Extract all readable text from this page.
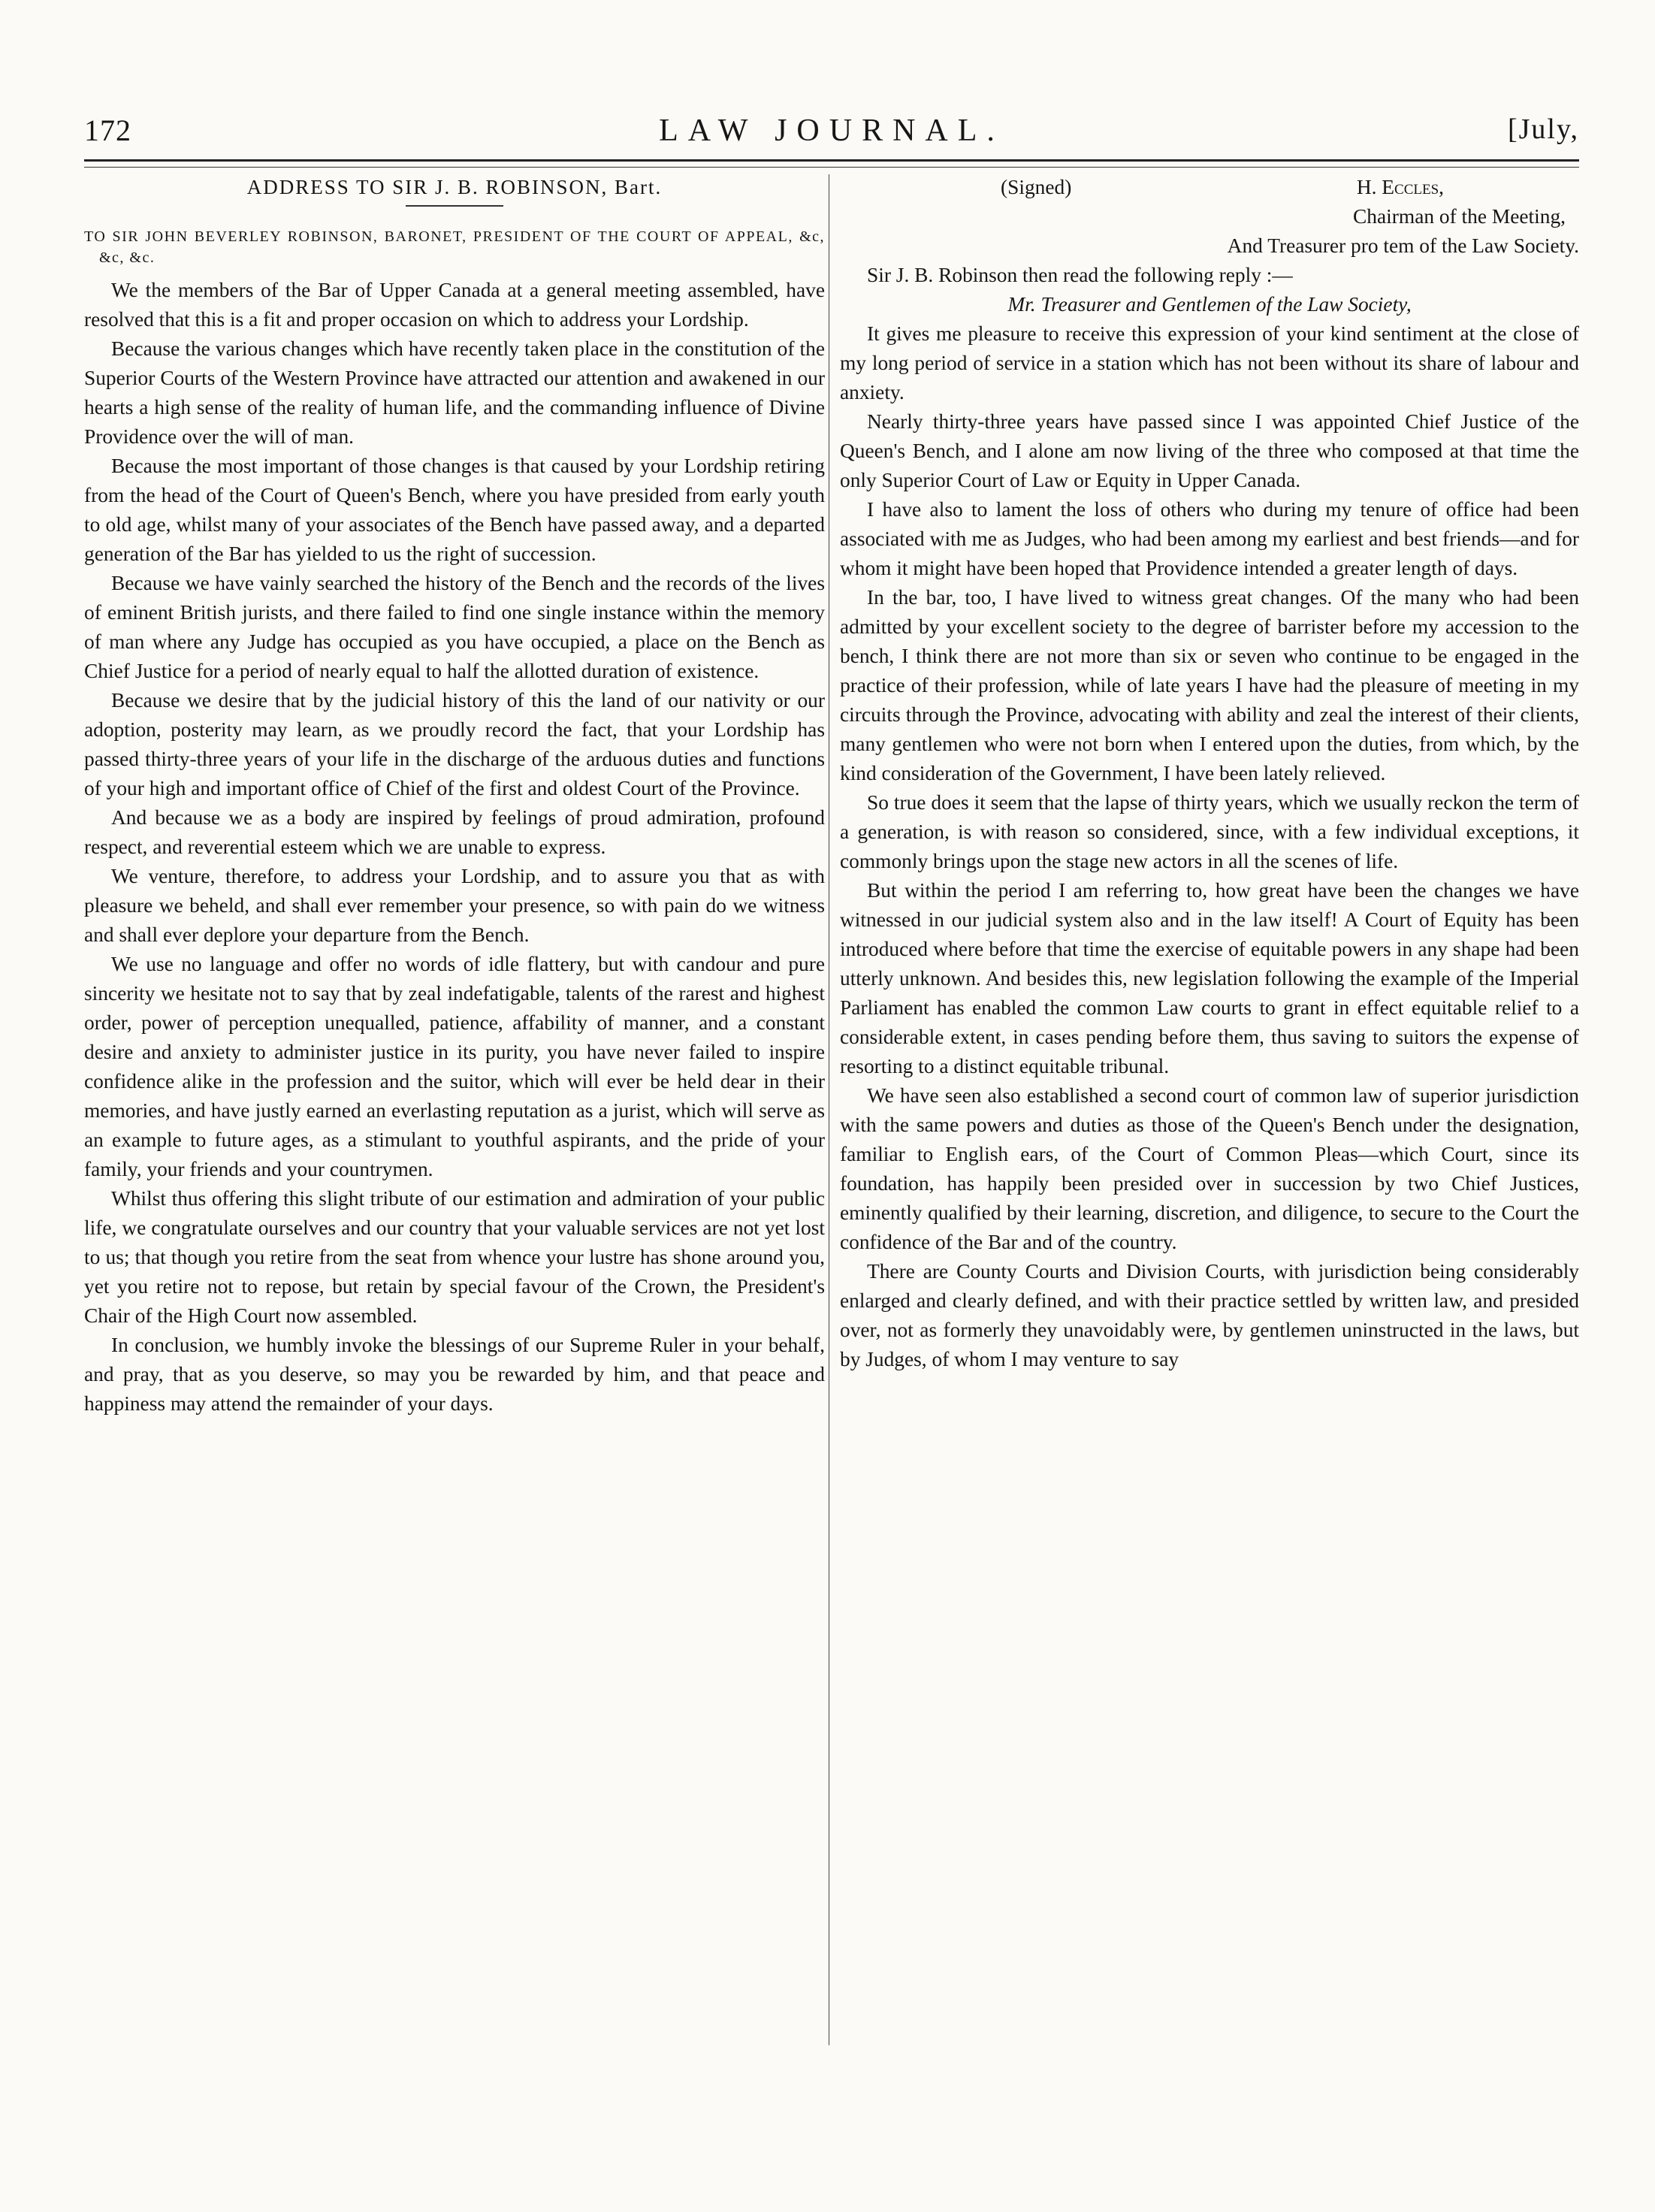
172	LAW JOURNAL.	[July,

ADDRESS TO SIR J. B. ROBINSON, Bart.

TO SIR JOHN BEVERLEY ROBINSON, BARONET, PRESIDENT OF THE COURT OF APPEAL, &c, &c, &c.

We the members of the Bar of Upper Canada at a general meeting assembled, have resolved that this is a fit and proper occasion on which to address your Lordship.

Because the various changes which have recently taken place in the constitution of the Superior Courts of the Western Province have attracted our attention and awakened in our hearts a high sense of the reality of human life, and the commanding influence of Divine Providence over the will of man.

Because the most important of those changes is that caused by your Lordship retiring from the head of the Court of Queen's Bench, where you have presided from early youth to old age, whilst many of your associates of the Bench have passed away, and a departed generation of the Bar has yielded to us the right of succession.

Because we have vainly searched the history of the Bench and the records of the lives of eminent British jurists, and there failed to find one single instance within the memory of man where any Judge has occupied as you have occupied, a place on the Bench as Chief Justice for a period of nearly equal to half the allotted duration of existence.

Because we desire that by the judicial history of this the land of our nativity or our adoption, posterity may learn, as we proudly record the fact, that your Lordship has passed thirty-three years of your life in the discharge of the arduous duties and functions of your high and important office of Chief of the first and oldest Court of the Province.

And because we as a body are inspired by feelings of proud admiration, profound respect, and reverential esteem which we are unable to express.

We venture, therefore, to address your Lordship, and to assure you that as with pleasure we beheld, and shall ever remember your presence, so with pain do we witness and shall ever deplore your departure from the Bench.

We use no language and offer no words of idle flattery, but with candour and pure sincerity we hesitate not to say that by zeal indefatigable, talents of the rarest and highest order, power of perception unequalled, patience, affability of manner, and a constant desire and anxiety to administer justice in its purity, you have never failed to inspire confidence alike in the profession and the suitor, which will ever be held dear in their memories, and have justly earned an everlasting reputation as a jurist, which will serve as an example to future ages, as a stimulant to youthful aspirants, and the pride of your family, your friends and your countrymen.

Whilst thus offering this slight tribute of our estimation and admiration of your public life, we congratulate ourselves and our country that your valuable services are not yet lost to us; that though you retire from the seat from whence your lustre has shone around you, yet you retire not to repose, but retain by special favour of the Crown, the President's Chair of the High Court now assembled.

In conclusion, we humbly invoke the blessings of our Supreme Ruler in your behalf, and pray, that as you deserve, so may you be rewarded by him, and that peace and happiness may attend the remainder of your days.

(Signed)	H. Eccles,

Chairman of the Meeting,

And Treasurer pro tem of the Law Society.

Sir J. B. Robinson then read the following reply :—

Mr. Treasurer and Gentlemen of the Law Society,

It gives me pleasure to receive this expression of your kind sentiment at the close of my long period of service in a station which has not been without its share of labour and anxiety.

Nearly thirty-three years have passed since I was appointed Chief Justice of the Queen's Bench, and I alone am now living of the three who composed at that time the only Superior Court of Law or Equity in Upper Canada.

I have also to lament the loss of others who during my tenure of office had been associated with me as Judges, who had been among my earliest and best friends—and for whom it might have been hoped that Providence intended a greater length of days.

In the bar, too, I have lived to witness great changes. Of the many who had been admitted by your excellent society to the degree of barrister before my accession to the bench, I think there are not more than six or seven who continue to be engaged in the practice of their profession, while of late years I have had the pleasure of meeting in my circuits through the Province, advocating with ability and zeal the interest of their clients, many gentlemen who were not born when I entered upon the duties, from which, by the kind consideration of the Government, I have been lately relieved.

So true does it seem that the lapse of thirty years, which we usually reckon the term of a generation, is with reason so considered, since, with a few individual exceptions, it commonly brings upon the stage new actors in all the scenes of life.

But within the period I am referring to, how great have been the changes we have witnessed in our judicial system also and in the law itself! A Court of Equity has been introduced where before that time the exercise of equitable powers in any shape had been utterly unknown. And besides this, new legislation following the example of the Imperial Parliament has enabled the common Law courts to grant in effect equitable relief to a considerable extent, in cases pending before them, thus saving to suitors the expense of resorting to a distinct equitable tribunal.

We have seen also established a second court of common law of superior jurisdiction with the same powers and duties as those of the Queen's Bench under the designation, familiar to English ears, of the Court of Common Pleas—which Court, since its foundation, has happily been presided over in succession by two Chief Justices, eminently qualified by their learning, discretion, and diligence, to secure to the Court the confidence of the Bar and of the country.

There are County Courts and Division Courts, with jurisdiction being considerably enlarged and clearly defined, and with their practice settled by written law, and presided over, not as formerly they unavoidably were, by gentlemen uninstructed in the laws, but by Judges, of whom I may venture to say
